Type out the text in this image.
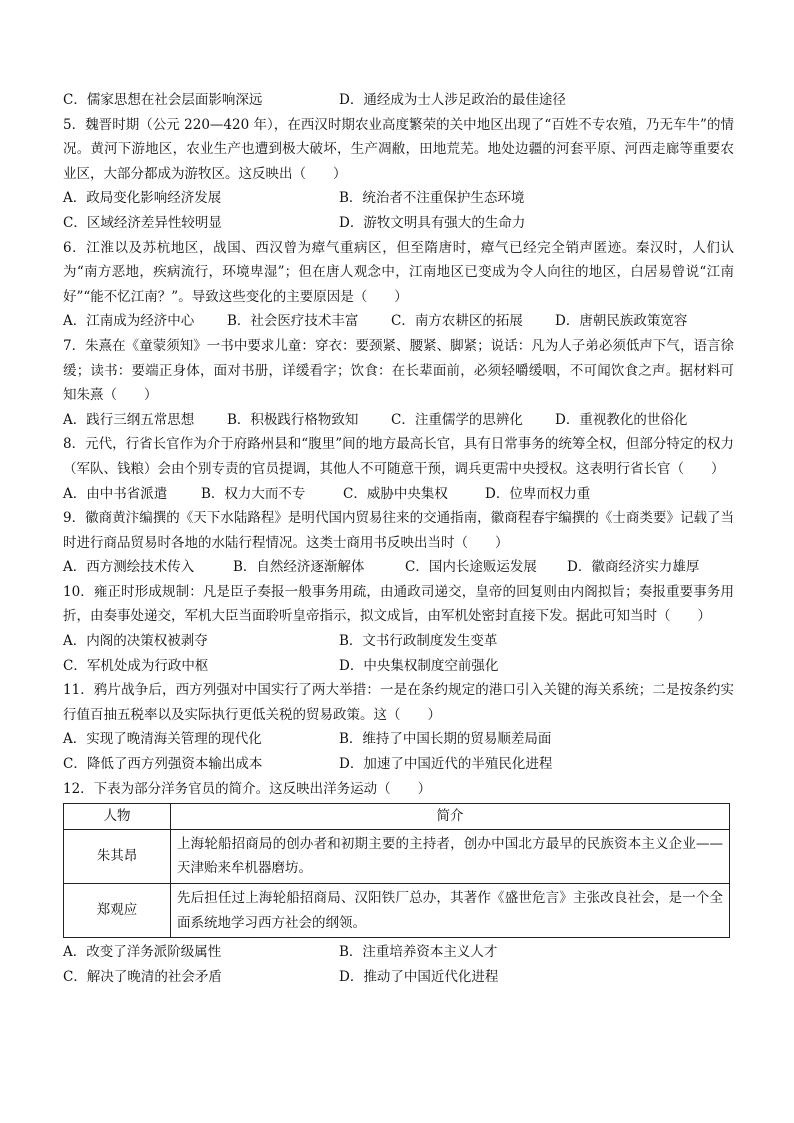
C．儒家思想在社会层面影响深远	D．通经成为士人涉足政治的最佳途径

5．魏晋时期（公元 220—420 年），在西汉时期农业高度繁荣的关中地区出现了“百姓不专农殖，乃无车牛”的情况。黄河下游地区，农业生产也遭到极大破坏，生产凋敝，田地荒芜。地处边疆的河套平原、河西走廊等重要农业区，大部分都成为游牧区。这反映出（　　）

A．政局变化影响经济发展	B．统治者不注重保护生态环境
C．区域经济差异性较明显	D．游牧文明具有强大的生命力

6．江淮以及苏杭地区，战国、西汉曾为瘴气重病区，但至隋唐时，瘴气已经完全销声匿迹。秦汉时，人们认为“南方恶地，疾病流行，环境卑湿”；但在唐人观念中，江南地区已变成为令人向往的地区，白居易曾说“江南好”“能不忆江南？”。导致这些变化的主要原因是（　　）

A．江南成为经济中心	B．社会医疗技术丰富	C．南方农耕区的拓展	D．唐朝民族政策宽容

7．朱熹在《童蒙须知》一书中要求儿童：穿衣：要颈紧、腰紧、脚紧；说话：凡为人子弟必须低声下气，语言徐缓；读书：要端正身体，面对书册，详缓看字；饮食：在长辈面前，必须轻嚼缓咽，不可闻饮食之声。据材料可知朱熹（　　）

A．践行三纲五常思想	B．积极践行格物致知	C．注重儒学的思辨化	D．重视教化的世俗化

8．元代，行省长官作为介于府路州县和“腹里”间的地方最高长官，具有日常事务的统筹全权，但部分特定的权力（军队、钱粮）会由个别专责的官员提调，其他人不可随意干预，调兵更需中央授权。这表明行省长官（　　）

A．由中书省派遣	B．权力大而不专	C．威胁中央集权	D．位卑而权力重

9．徽商黄汴编撰的《天下水陆路程》是明代国内贸易往来的交通指南，徽商程春宇编撰的《士商类要》记载了当时进行商品贸易时各地的水陆行程情况。这类士商用书反映出当时（　　）

A．西方测绘技术传入	B．自然经济逐渐解体	C．国内长途贩运发展	D．徽商经济实力雄厚

10．雍正时形成规制：凡是臣子奏报一般事务用疏，由通政司递交，皇帝的回复则由内阁拟旨；奏报重要事务用折，由奏事处递交，军机大臣当面聆听皇帝指示，拟文成旨，由军机处密封直接下发。据此可知当时（　　）

A．内阁的决策权被剥夺	B．文书行政制度发生变革
C．军机处成为行政中枢	D．中央集权制度空前强化

11．鸦片战争后，西方列强对中国实行了两大举措：一是在条约规定的港口引入关键的海关系统；二是按条约实行值百抽五税率以及实际执行更低关税的贸易政策。这（　　）

A．实现了晚清海关管理的现代化	B．维持了中国长期的贸易顺差局面
C．降低了西方列强资本输出成本	D．加速了中国近代的半殖民化进程

12．下表为部分洋务官员的简介。这反映出洋务运动（　　）

人物	简介
朱其昂	上海轮船招商局的创办者和初期主要的主持者，创办中国北方最早的民族资本主义企业——天津贻来牟机器磨坊。
郑观应	先后担任过上海轮船招商局、汉阳铁厂总办，其著作《盛世危言》主张改良社会，是一个全面系统地学习西方社会的纲领。
A．改变了洋务派阶级属性	B．注重培养资本主义人才
C．解决了晚清的社会矛盾	D．推动了中国近代化进程
